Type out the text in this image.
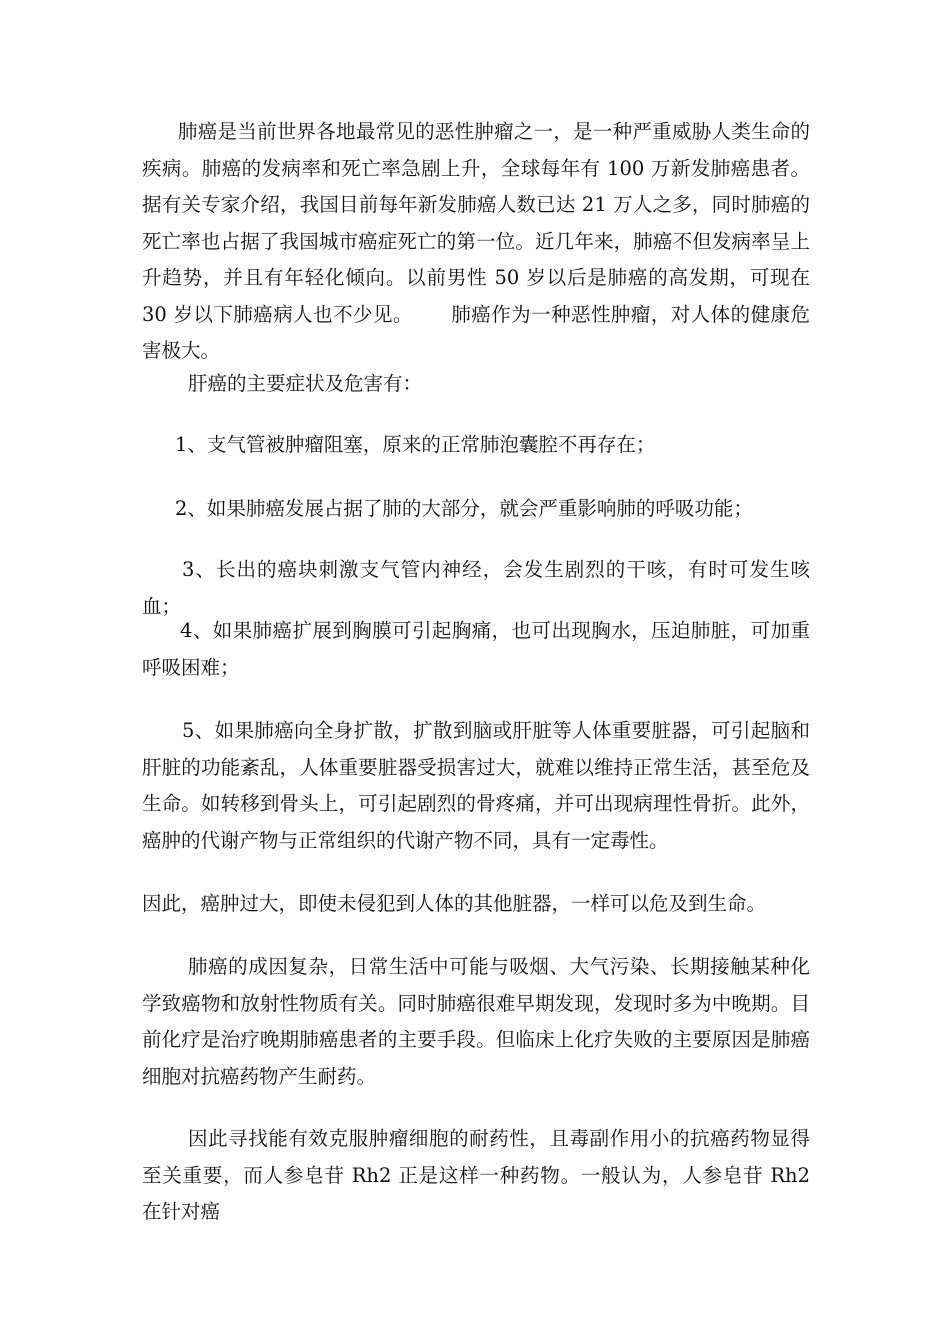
肺癌是当前世界各地最常见的恶性肿瘤之一，是一种严重威胁人类生命的疾病。肺癌的发病率和死亡率急剧上升，全球每年有 100 万新发肺癌患者。据有关专家介绍，我国目前每年新发肺癌人数已达 21 万人之多，同时肺癌的死亡率也占据了我国城市癌症死亡的第一位。近几年来，肺癌不但发病率呈上升趋势，并且有年轻化倾向。以前男性 50 岁以后是肺癌的高发期，可现在 30 岁以下肺癌病人也不少见。 肺癌作为一种恶性肿瘤，对人体的健康危害极大。

肝癌的主要症状及危害有：

1、支气管被肿瘤阻塞，原来的正常肺泡囊腔不再存在；

2、如果肺癌发展占据了肺的大部分，就会严重影响肺的呼吸功能；

3、长出的癌块刺激支气管内神经，会发生剧烈的干咳，有时可发生咳血；

4、如果肺癌扩展到胸膜可引起胸痛，也可出现胸水，压迫肺脏，可加重呼吸困难；

5、如果肺癌向全身扩散，扩散到脑或肝脏等人体重要脏器，可引起脑和肝脏的功能紊乱，人体重要脏器受损害过大，就难以维持正常生活，甚至危及生命。如转移到骨头上，可引起剧烈的骨疼痛，并可出现病理性骨折。此外，癌肿的代谢产物与正常组织的代谢产物不同，具有一定毒性。

因此，癌肿过大，即使未侵犯到人体的其他脏器，一样可以危及到生命。

肺癌的成因复杂，日常生活中可能与吸烟、大气污染、长期接触某种化学致癌物和放射性物质有关。同时肺癌很难早期发现，发现时多为中晚期。目前化疗是治疗晚期肺癌患者的主要手段。但临床上化疗失败的主要原因是肺癌细胞对抗癌药物产生耐药。

因此寻找能有效克服肿瘤细胞的耐药性，且毒副作用小的抗癌药物显得至关重要，而人参皂苷 Rh2 正是这样一种药物。一般认为，人参皂苷 Rh2 在针对癌
